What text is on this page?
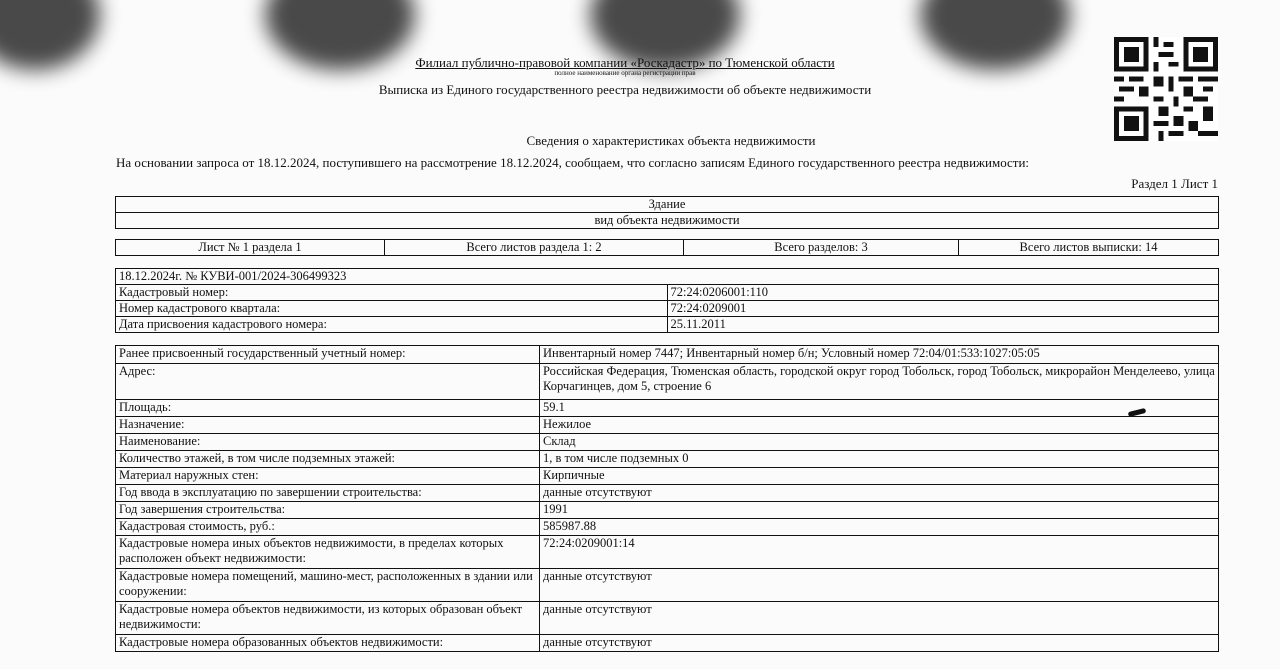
Филиал публично-правовой компании «Роскадастр» по Тюменской области
полное наименование органа регистрации прав
Выписка из Единого государственного реестра недвижимости об объекте недвижимости
Сведения о характеристиках объекта недвижимости
На основании запроса от 18.12.2024, поступившего на рассмотрение 18.12.2024, сообщаем, что согласно записям Единого государственного реестра недвижимости:
Раздел 1 Лист 1
Здание
вид объекта недвижимости
Лист № 1 раздела 1	Всего листов раздела 1: 2	Всего разделов: 3	Всего листов выписки: 14
18.12.2024г. № КУВИ-001/2024-306499323	
Кадастровый номер:	72:24:0206001:110
Номер кадастрового квартала:	72:24:0209001
Дата присвоения кадастрового номера:	25.11.2011
Ранее присвоенный государственный учетный номер:	Инвентарный номер 7447; Инвентарный номер б/н; Условный номер 72:04/01:533:1027:05:05
Адрес:	Российская Федерация, Тюменская область, городской округ город Тобольск, город Тобольск, микрорайон Менделеево, улица Корчагинцев, дом 5, строение 6
Площадь:	59.1
Назначение:	Нежилое
Наименование:	Склад
Количество этажей, в том числе подземных этажей:	1, в том числе подземных 0
Материал наружных стен:	Кирпичные
Год ввода в эксплуатацию по завершении строительства:	данные отсутствуют
Год завершения строительства:	1991
Кадастровая стоимость, руб.:	585987.88
Кадастровые номера иных объектов недвижимости, в пределах которых расположен объект недвижимости:	72:24:0209001:14
Кадастровые номера помещений, машино-мест, расположенных в здании или сооружении:	данные отсутствуют
Кадастровые номера объектов недвижимости, из которых образован объект недвижимости:	данные отсутствуют
Кадастровые номера образованных объектов недвижимости:	данные отсутствуют
